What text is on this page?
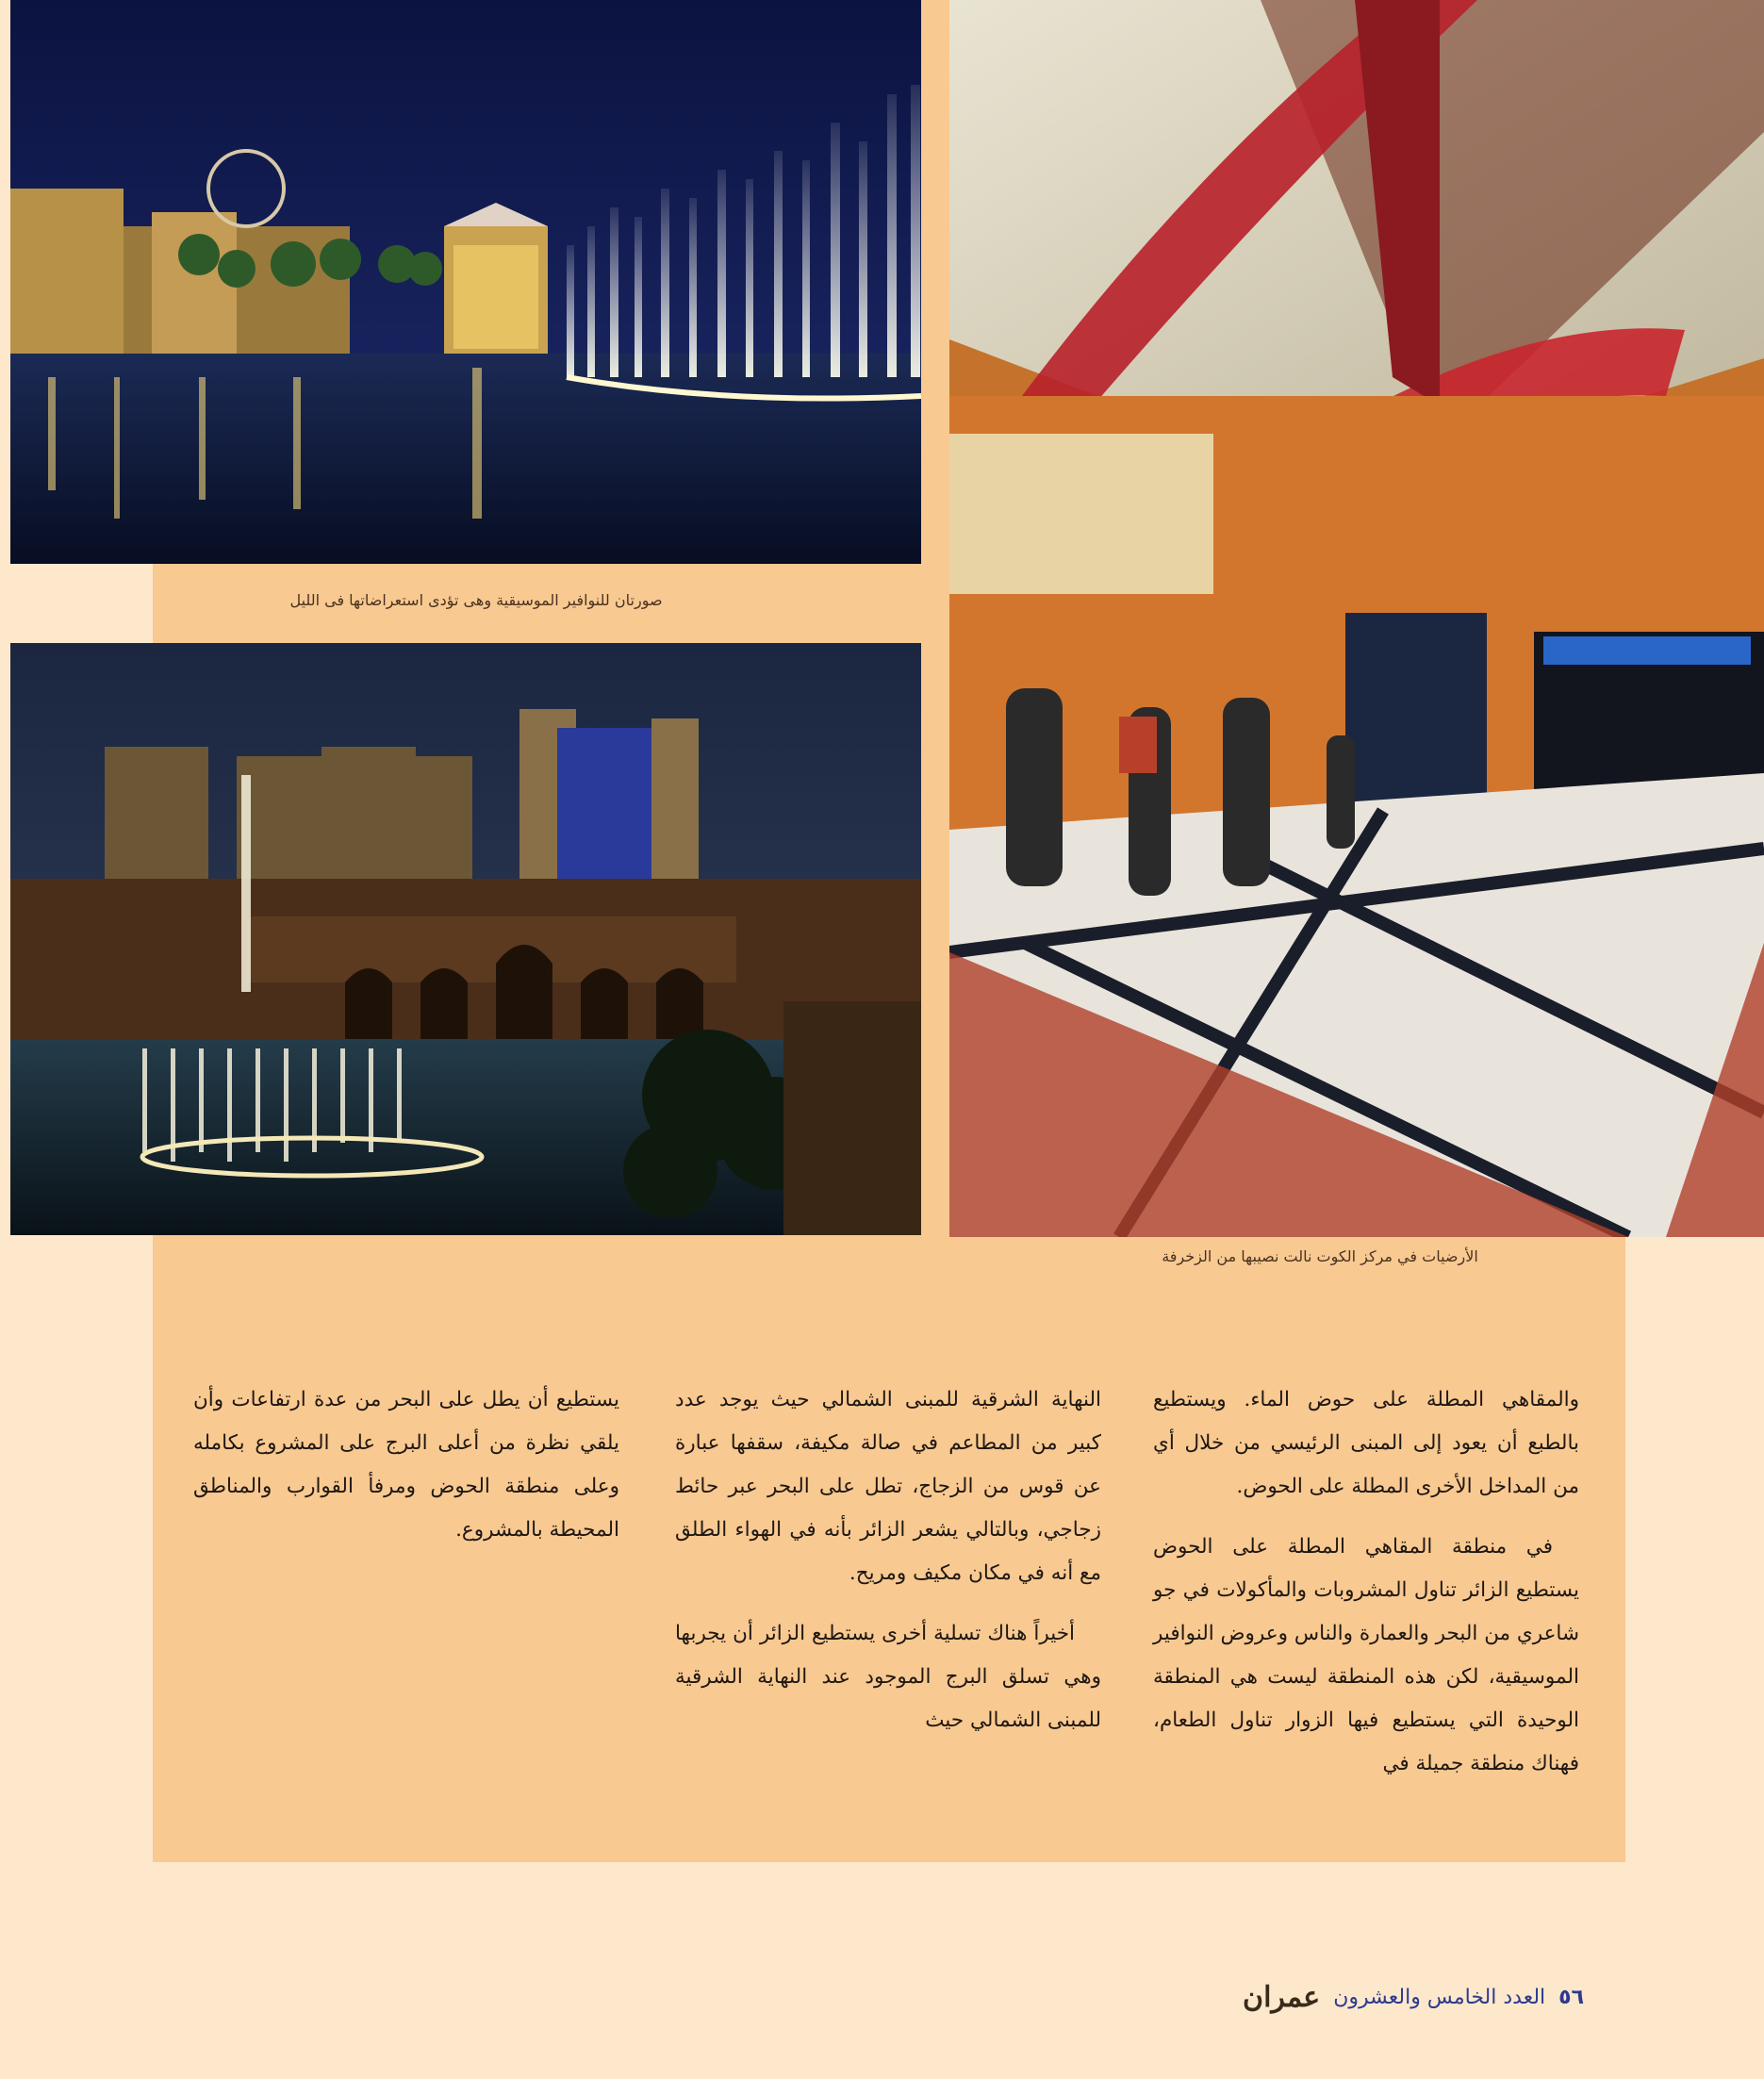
صورتان للنوافير الموسيقية وهى تؤدى استعراضاتها فى الليل
الأرضيات في مركز الكوت نالت نصيبها من الزخرفة

والمقاهي المطلة على حوض الماء. ويستطيع بالطبع أن يعود إلى المبنى الرئيسي من خلال أي من المداخل الأخرى المطلة على الحوض.

في منطقة المقاهي المطلة على الحوض يستطيع الزائر تناول المشروبات والمأكولات في جو شاعري من البحر والعمارة والناس وعروض النوافير الموسيقية، لكن هذه المنطقة ليست هي المنطقة الوحيدة التي يستطيع فيها الزوار تناول الطعام، فهناك منطقة جميلة في

النهاية الشرقية للمبنى الشمالي حيث يوجد عدد كبير من المطاعم في صالة مكيفة، سقفها عبارة عن قوس من الزجاج، تطل على البحر عبر حائط زجاجي، وبالتالي يشعر الزائر بأنه في الهواء الطلق مع أنه في مكان مكيف ومريح.

أخيراً هناك تسلية أخرى يستطيع الزائر أن يجربها وهي تسلق البرج الموجود عند النهاية الشرقية للمبنى الشمالي حيث

يستطيع أن يطل على البحر من عدة ارتفاعات وأن يلقي نظرة من أعلى البرج على المشروع بكامله وعلى منطقة الحوض ومرفأ القوارب والمناطق المحيطة بالمشروع.

٥٦
العدد الخامس والعشرون
عمران
